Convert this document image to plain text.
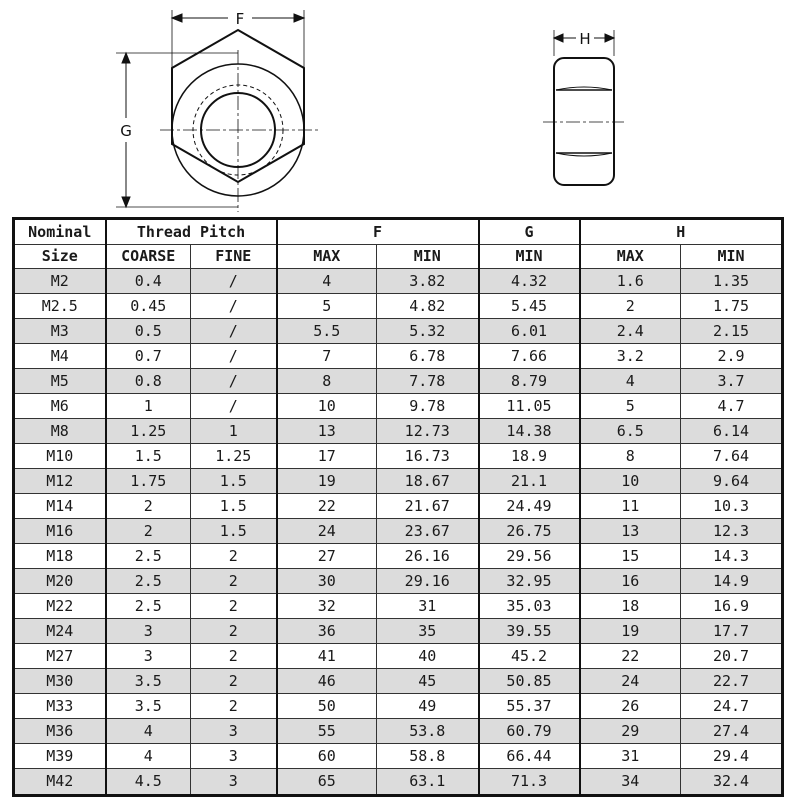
F
G
H
Nominal	Thread Pitch		F		G	H	
Size	COARSE	FINE	MAX	MIN	MIN	MAX	MIN
M2	0.4	/	4	3.82	4.32	1.6	1.35
M2.5	0.45	/	5	4.82	5.45	2	1.75
M3	0.5	/	5.5	5.32	6.01	2.4	2.15
M4	0.7	/	7	6.78	7.66	3.2	2.9
M5	0.8	/	8	7.78	8.79	4	3.7
M6	1	/	10	9.78	11.05	5	4.7
M8	1.25	1	13	12.73	14.38	6.5	6.14
M10	1.5	1.25	17	16.73	18.9	8	7.64
M12	1.75	1.5	19	18.67	21.1	10	9.64
M14	2	1.5	22	21.67	24.49	11	10.3
M16	2	1.5	24	23.67	26.75	13	12.3
M18	2.5	2	27	26.16	29.56	15	14.3
M20	2.5	2	30	29.16	32.95	16	14.9
M22	2.5	2	32	31	35.03	18	16.9
M24	3	2	36	35	39.55	19	17.7
M27	3	2	41	40	45.2	22	20.7
M30	3.5	2	46	45	50.85	24	22.7
M33	3.5	2	50	49	55.37	26	24.7
M36	4	3	55	53.8	60.79	29	27.4
M39	4	3	60	58.8	66.44	31	29.4
M42	4.5	3	65	63.1	71.3	34	32.4
